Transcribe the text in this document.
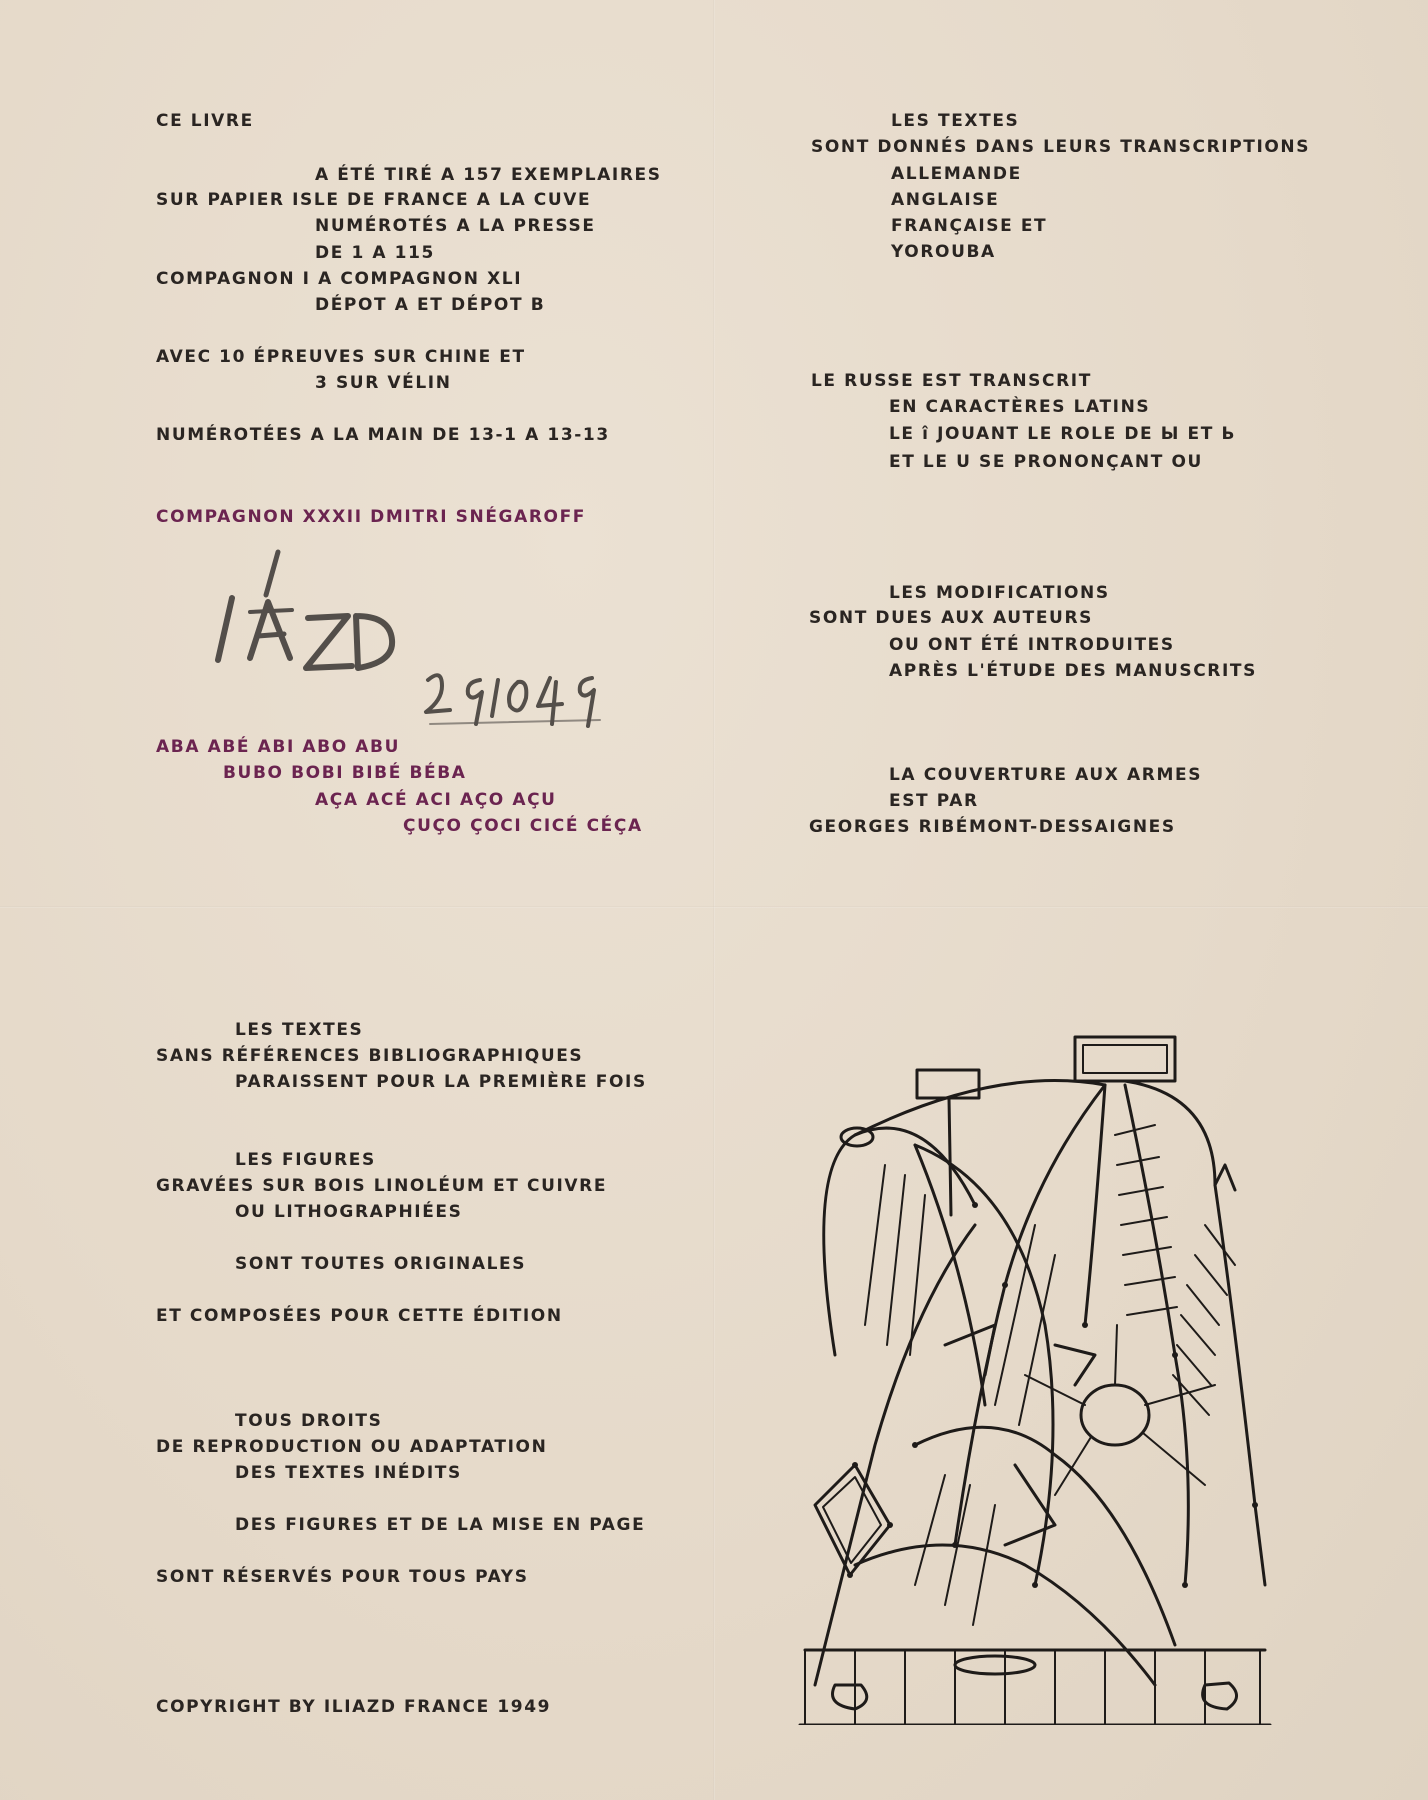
CE LIVRE
A ÉTÉ TIRÉ A 157 EXEMPLAIRES
SUR PAPIER ISLE DE FRANCE A LA CUVE
NUMÉROTÉS A LA PRESSE
DE 1 A 115
COMPAGNON I A COMPAGNON XLI
DÉPOT A ET DÉPOT B
AVEC 10 ÉPREUVES SUR CHINE ET
3 SUR VÉLIN
NUMÉROTÉES A LA MAIN DE 13-1 A 13-13
COMPAGNON XXXII DMITRI SNÉGAROFF
ABA ABÉ ABI ABO ABU
BUBO BOBI BIBÉ BÉBA
AÇA ACÉ ACI AÇO AÇU
ÇUÇO ÇOCI CICÉ CÉÇA
LES TEXTES
SONT DONNÉS DANS LEURS TRANSCRIPTIONS
ALLEMANDE
ANGLAISE
FRANÇAISE ET
YOROUBA
LE RUSSE EST TRANSCRIT
EN CARACTÈRES LATINS
LE î JOUANT LE ROLE DE Ы ET Ь
ET LE U SE PRONONÇANT OU
LES MODIFICATIONS
SONT DUES AUX AUTEURS
OU ONT ÉTÉ INTRODUITES
APRÈS L'ÉTUDE DES MANUSCRITS
LA COUVERTURE AUX ARMES
EST PAR
GEORGES RIBÉMONT-DESSAIGNES
LES TEXTES
SANS RÉFÉRENCES BIBLIOGRAPHIQUES
PARAISSENT POUR LA PREMIÈRE FOIS
LES FIGURES
GRAVÉES SUR BOIS LINOLÉUM ET CUIVRE
OU LITHOGRAPHIÉES
SONT TOUTES ORIGINALES
ET COMPOSÉES POUR CETTE ÉDITION
TOUS DROITS
DE REPRODUCTION OU ADAPTATION
DES TEXTES INÉDITS
DES FIGURES ET DE LA MISE EN PAGE
SONT RÉSERVÉS POUR TOUS PAYS
COPYRIGHT BY ILIAZD FRANCE 1949
